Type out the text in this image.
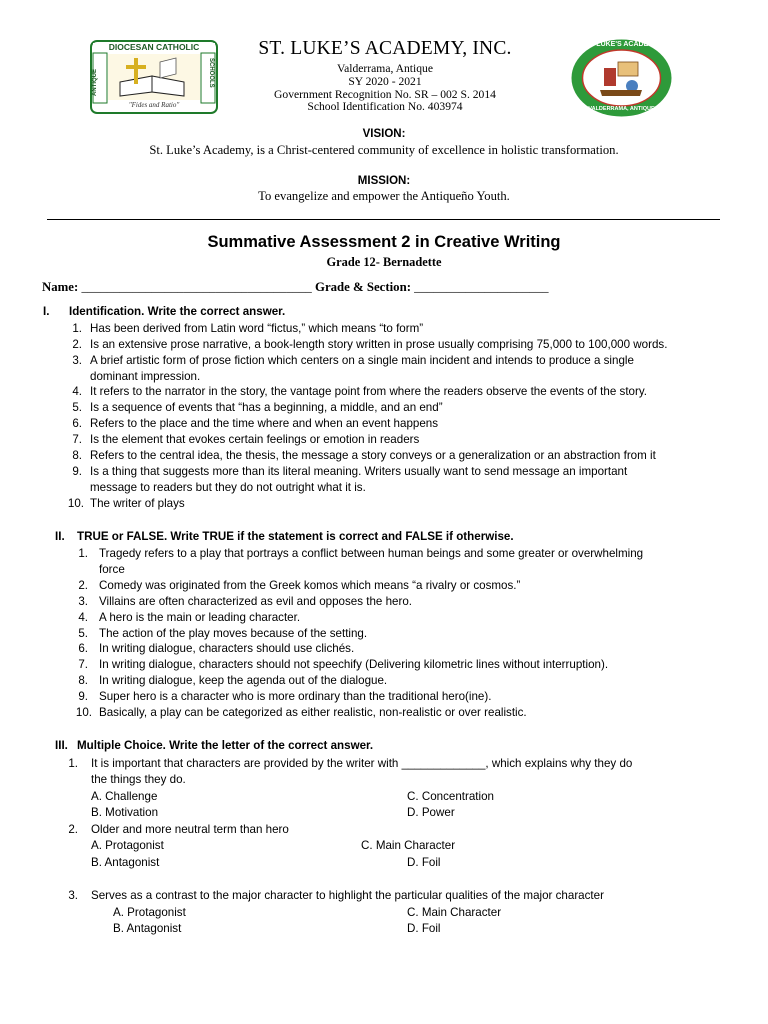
DIOCESAN CATHOLIC
ANTIQUE	SCHOOLS
"Fides and Ratio"
ST. LUKE’S ACADEMY, INC.
Valderrama, Antique
SY 2020 - 2021
Government Recognition No. SR – 002 S. 2014
School Identification No. 403974
ST. LUKE'S ACADEMY
VALDERRAMA, ANTIQUE
VISION:
St. Luke’s Academy, is a Christ-centered community of excellence in holistic transformation.
MISSION:
To evangelize and empower the Antiqueño Youth.
Summative Assessment 2 in Creative Writing
Grade 12- Bernadette
Name: ____________________________________ Grade & Section: _____________________
I. Identification. Write the correct answer.
II. TRUE or FALSE. Write TRUE if the statement is correct and FALSE if otherwise.
III. Multiple Choice. Write the letter of the correct answer.
1. Has been derived from Latin word “fictus,” which means “to form”
2. Is an extensive prose narrative, a book-length story written in prose usually comprising 75,000 to 100,000 words.
3. A brief artistic form of prose fiction which centers on a single main incident and intends to produce a single
dominant impression.
4. It refers to the narrator in the story, the vantage point from where the readers observe the events of the story.
5. Is a sequence of events that “has a beginning, a middle, and an end”
6. Refers to the place and the time where and when an event happens
7. Is the element that evokes certain feelings or emotion in readers
8. Refers to the central idea, the thesis, the message a story conveys or a generalization or an abstraction from it
9. Is a thing that suggests more than its literal meaning. Writers usually want to send message an important
message to readers but they do not outright what it is.
10. The writer of plays
1. Tragedy refers to a play that portrays a conflict between human beings and some greater or overwhelming
force
2. Comedy was originated from the Greek komos which means “a rivalry or cosmos.”
3. Villains are often characterized as evil and opposes the hero.
4. A hero is the main or leading character.
5. The action of the play moves because of the setting.
6. In writing dialogue, characters should use clichés.
7. In writing dialogue, characters should not speechify (Delivering kilometric lines without interruption).
8. In writing dialogue, keep the agenda out of the dialogue.
9. Super hero is a character who is more ordinary than the traditional hero(ine).
10. Basically, a play can be categorized as either realistic, non-realistic or over realistic.
1. It is important that characters are provided by the writer with _____________, which explains why they do
the things they do.
A. Challenge	C. Concentration
B. Motivation	D. Power
2. Older and more neutral term than hero
A. Protagonist	C. Main Character
B. Antagonist	D. Foil
3. Serves as a contrast to the major character to highlight the particular qualities of the major character
A. Protagonist	C. Main Character
B. Antagonist	D. Foil
